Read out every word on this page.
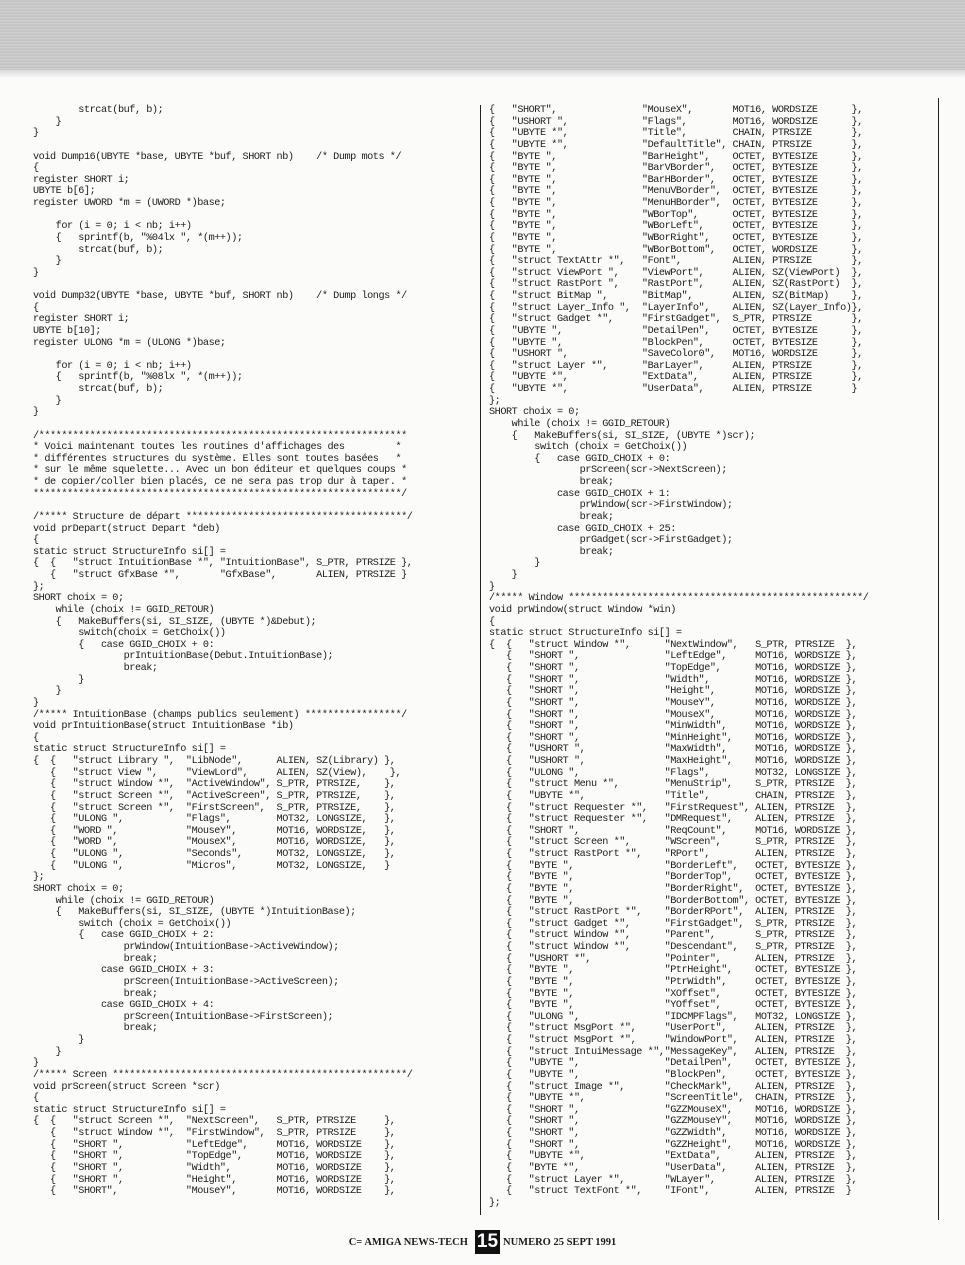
strcat(buf, b);
}
}

void Dump16(UBYTE *base, UBYTE *buf, SHORT nb)    /* Dump mots */
{
register SHORT i;
UBYTE b[6];
register UWORD *m = (UWORD *)base;

for (i = 0; i < nb; i++)
{   sprintf(b, "%04lx ", *(m++));
strcat(buf, b);
}
}

void Dump32(UBYTE *base, UBYTE *buf, SHORT nb)    /* Dump longs */
{
register SHORT i;
UBYTE b[10];
register ULONG *m = (ULONG *)base;

for (i = 0; i < nb; i++)
{   sprintf(b, "%08lx ", *(m++));
strcat(buf, b);
}
}

/*****************************************************************
* Voici maintenant toutes les routines d'affichages des         *
* différentes structures du système. Elles sont toutes basées   *
* sur le même squelette... Avec un bon éditeur et quelques coups *
* de copier/coller bien placés, ce ne sera pas trop dur à taper. *
*****************************************************************/

/***** Structure de départ ***************************************/
void prDepart(struct Depart *deb)
{
static struct StructureInfo si[] =
{  {   "struct IntuitionBase *", "IntuitionBase", S_PTR, PTRSIZE },
{   "struct GfxBase *",       "GfxBase",       ALIEN, PTRSIZE }
};
SHORT choix = 0;
while (choix != GGID_RETOUR)
{   MakeBuffers(si, SI_SIZE, (UBYTE *)&Debut);
switch(choix = GetChoix())
{   case GGID_CHOIX + 0:
prIntuitionBase(Debut.IntuitionBase);
break;
}
}
}
/***** IntuitionBase (champs publics seulement) *****************/
void prIntuitionBase(struct IntuitionBase *ib)
{
static struct StructureInfo si[] =
{  {   "struct Library ",  "LibNode",      ALIEN, SZ(Library) },
{   "struct View ",     "ViewLord",     ALIEN, SZ(View),    },
{   "struct Window *",  "ActiveWindow", S_PTR, PTRSIZE,    },
{   "struct Screen *",  "ActiveScreen", S_PTR, PTRSIZE,    },
{   "struct Screen *",  "FirstScreen",  S_PTR, PTRSIZE,    },
{   "ULONG ",           "Flags",        MOT32, LONGSIZE,   },
{   "WORD ",            "MouseY",       MOT16, WORDSIZE,   },
{   "WORD ",            "MouseX",       MOT16, WORDSIZE,   },
{   "ULONG ",           "Seconds",      MOT32, LONGSIZE,   },
{   "ULONG ",           "Micros",       MOT32, LONGSIZE,   }
};
SHORT choix = 0;
while (choix != GGID_RETOUR)
{   MakeBuffers(si, SI_SIZE, (UBYTE *)IntuitionBase);
switch (choix = GetChoix())
{   case GGID_CHOIX + 2:
prWindow(IntuitionBase->ActiveWindow);
break;
case GGID_CHOIX + 3:
prScreen(IntuitionBase->ActiveScreen);
break;
case GGID_CHOIX + 4:
prScreen(IntuitionBase->FirstScreen);
break;
}
}
}
/***** Screen ****************************************************/
void prScreen(struct Screen *scr)
{
static struct StructureInfo si[] =
{  {   "struct Screen *",  "NextScreen",   S_PTR, PTRSIZE     },
{   "struct Window *",  "FirstWindow",  S_PTR, PTRSIZE     },
{   "SHORT ",           "LeftEdge",     MOT16, WORDSIZE    },
{   "SHORT ",           "TopEdge",      MOT16, WORDSIZE    },
{   "SHORT ",           "Width",        MOT16, WORDSIZE    },
{   "SHORT ",           "Height",       MOT16, WORDSIZE    },
{   "SHORT",            "MouseY",       MOT16, WORDSIZE    },
{   "SHORT",               "MouseX",       MOT16, WORDSIZE      },
{   "USHORT ",             "Flags",        MOT16, WORDSIZE      },
{   "UBYTE *",             "Title",        CHAIN, PTRSIZE       },
{   "UBYTE *",             "DefaultTitle", CHAIN, PTRSIZE       },
{   "BYTE ",               "BarHeight",    OCTET, BYTESIZE      },
{   "BYTE ",               "BarVBorder",   OCTET, BYTESIZE      },
{   "BYTE ",               "BarHBorder",   OCTET, BYTESIZE      },
{   "BYTE ",               "MenuVBorder",  OCTET, BYTESIZE      },
{   "BYTE ",               "MenuHBorder",  OCTET, BYTESIZE      },
{   "BYTE ",               "WBorTop",      OCTET, BYTESIZE      },
{   "BYTE ",               "WBorLeft",     OCTET, BYTESIZE      },
{   "BYTE ",               "WBorRight",    OCTET, BYTESIZE      },
{   "BYTE ",               "WBorBottom",   OCTET, WORDSIZE      },
{   "struct TextAttr *",   "Font",         ALIEN, PTRSIZE       },
{   "struct ViewPort ",    "ViewPort",     ALIEN, SZ(ViewPort)  },
{   "struct RastPort ",    "RastPort",     ALIEN, SZ(RastPort)  },
{   "struct BitMap ",      "BitMap",       ALIEN, SZ(BitMap)    },
{   "struct Layer_Info ",  "LayerInfo",    ALIEN, SZ(Layer_Info)},
{   "struct Gadget *",     "FirstGadget",  S_PTR, PTRSIZE       },
{   "UBYTE ",              "DetailPen",    OCTET, BYTESIZE      },
{   "UBYTE ",              "BlockPen",     OCTET, BYTESIZE      },
{   "USHORT ",             "SaveColor0",   MOT16, WORDSIZE      },
{   "struct Layer *",      "BarLayer",     ALIEN, PTRSIZE       },
{   "UBYTE *",             "ExtData",      ALIEN, PTRSIZE       },
{   "UBYTE *",             "UserData",     ALIEN, PTRSIZE       }
};
SHORT choix = 0;
while (choix != GGID_RETOUR)
{   MakeBuffers(si, SI_SIZE, (UBYTE *)scr);
switch (choix = GetChoix())
{   case GGID_CHOIX + 0:
prScreen(scr->NextScreen);
break;
case GGID_CHOIX + 1:
prWindow(scr->FirstWindow);
break;
case GGID_CHOIX + 25:
prGadget(scr->FirstGadget);
break;
}
}
}
/***** Window ****************************************************/
void prWindow(struct Window *win)
{
static struct StructureInfo si[] =
{  {   "struct Window *",      "NextWindow",   S_PTR, PTRSIZE  },
{   "SHORT ",               "LeftEdge",     MOT16, WORDSIZE },
{   "SHORT ",               "TopEdge",      MOT16, WORDSIZE },
{   "SHORT ",               "Width",        MOT16, WORDSIZE },
{   "SHORT ",               "Height",       MOT16, WORDSIZE },
{   "SHORT ",               "MouseY",       MOT16, WORDSIZE },
{   "SHORT ",               "MouseX",       MOT16, WORDSIZE },
{   "SHORT ",               "MinWidth",     MOT16, WORDSIZE },
{   "SHORT ",               "MinHeight",    MOT16, WORDSIZE },
{   "USHORT ",              "MaxWidth",     MOT16, WORDSIZE },
{   "USHORT ",              "MaxHeight",    MOT16, WORDSIZE },
{   "ULONG ",               "Flags",        MOT32, LONGSIZE },
{   "struct Menu *",        "MenuStrip",    S_PTR, PTRSIZE  },
{   "UBYTE *",              "Title",        CHAIN, PTRSIZE  },
{   "struct Requester *",   "FirstRequest", ALIEN, PTRSIZE  },
{   "struct Requester *",   "DMRequest",    ALIEN, PTRSIZE  },
{   "SHORT ",               "ReqCount",     MOT16, WORDSIZE },
{   "struct Screen *",      "WScreen",      S_PTR, PTRSIZE  },
{   "struct RastPort *",    "RPort",        ALIEN, PTRSIZE  },
{   "BYTE ",                "BorderLeft",   OCTET, BYTESIZE },
{   "BYTE ",                "BorderTop",    OCTET, BYTESIZE },
{   "BYTE ",                "BorderRight",  OCTET, BYTESIZE },
{   "BYTE ",                "BorderBottom", OCTET, BYTESIZE },
{   "struct RastPort *",    "BorderRPort",  ALIEN, PTRSIZE  },
{   "struct Gadget *",      "FirstGadget",  S_PTR, PTRSIZE  },
{   "struct Window *",      "Parent",       S_PTR, PTRSIZE  },
{   "struct Window *",      "Descendant",   S_PTR, PTRSIZE  },
{   "USHORT *",             "Pointer",      ALIEN, PTRSIZE  },
{   "BYTE ",                "PtrHeight",    OCTET, BYTESIZE },
{   "BYTE ",                "PtrWidth",     OCTET, BYTESIZE },
{   "BYTE ",                "XOffset",      OCTET, BYTESIZE },
{   "BYTE ",                "YOffset",      OCTET, BYTESIZE },
{   "ULONG ",               "IDCMPFlags",   MOT32, LONGSIZE },
{   "struct MsgPort *",     "UserPort",     ALIEN, PTRSIZE  },
{   "struct MsgPort *",     "WindowPort",   ALIEN, PTRSIZE  },
{   "struct IntuiMessage *","MessageKey",   ALIEN, PTRSIZE  },
{   "UBYTE ",               "DetailPen",    OCTET, BYTESIZE },
{   "UBYTE ",               "BlockPen",     OCTET, BYTESIZE },
{   "struct Image *",       "CheckMark",    ALIEN, PTRSIZE  },
{   "UBYTE *",              "ScreenTitle",  CHAIN, PTRSIZE  },
{   "SHORT ",               "GZZMouseX",    MOT16, WORDSIZE },
{   "SHORT ",               "GZZMouseY",    MOT16, WORDSIZE },
{   "SHORT ",               "GZZWidth",     MOT16, WORDSIZE },
{   "SHORT ",               "GZZHeight",    MOT16, WORDSIZE },
{   "UBYTE *",              "ExtData",      ALIEN, PTRSIZE  },
{   "BYTE *",               "UserData",     ALIEN, PTRSIZE  },
{   "struct Layer *",       "WLayer",       ALIEN, PTRSIZE  },
{   "struct TextFont *",    "IFont",        ALIEN, PTRSIZE  }
};
C= AMIGA NEWS-TECH 15 NUMERO 25 SEPT 1991
